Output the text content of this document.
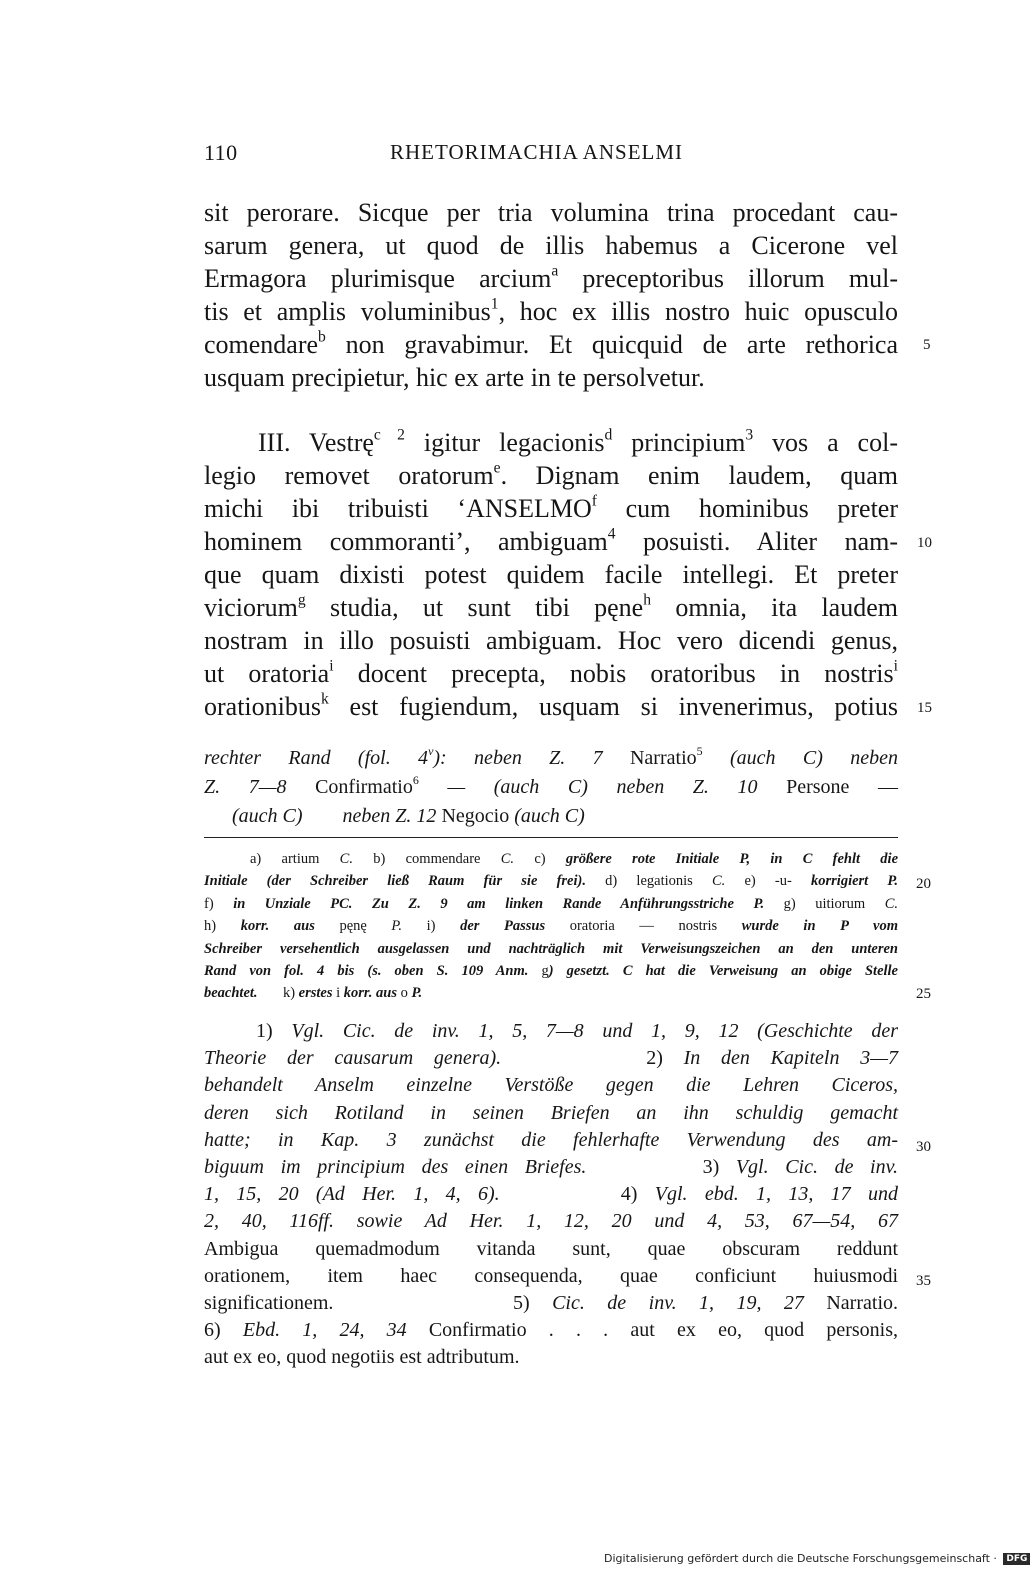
110	RHETORIMACHIA ANSELMI
sit perorare. Sicque per tria volumina trina procedant cau-
sarum genera, ut quod de illis habemus a Cicerone vel
Ermagora plurimisque arcium$^a$ preceptoribus illorum mul-
tis et amplis voluminibus$^1$, hoc ex illis nostro huic opusculo
comendare$^b$ non gravabimur. Et quicquid de arte rethorica
usquam precipietur, hic ex arte in te persolvetur.
III. Vestrę$^{c 2}$ igitur legacionis$^d$ principium$^3$ vos a col-
legio removet oratorum$^e$. Dignam enim laudem, quam
michi ibi tribuisti ‘ANSELMO$^f$ cum hominibus preter
hominem commoranti’, ambiguam$^4$ posuisti. Aliter nam-
que quam dixisti potest quidem facile intellegi. Et preter
viciorum$^g$ studia, ut sunt tibi pęne$^h$ omnia, ita laudem
nostram in illo posuisti ambiguam. Hoc vero dicendi genus,
ut oratoria$^i$ docent precepta, nobis oratoribus in nostris$^i$
orationibus$^k$ est fugiendum, usquam si invenerimus, potius
5
10
15
20
25
30
35
rechter Rand (fol. 4$^v$): neben Z. 7 Narratio$^5$ (auch C) neben
Z. 7—8 Confirmatio$^6$ — (auch C) neben Z. 10 Persone —
(auch C) neben Z. 12 Negocio (auch C)
a) artium C. b) commendare C. c) größere rote Initiale P, in C fehlt die
Initiale (der Schreiber ließ Raum für sie frei). d) legationis C. e) -u- korrigiert P.
f) in Unziale PC. Zu Z. 9 am linken Rande Anführungsstriche P. g) uitiorum C.
h) korr. aus pęnę P. i) der Passus oratoria — nostris wurde in P vom
Schreiber versehentlich ausgelassen und nachträglich mit Verweisungszeichen an den unteren
Rand von fol. 4 bis (s. oben S. 109 Anm. g) gesetzt. C hat die Verweisung an obige Stelle
beachtet. k) erstes i korr. aus o P.
1) Vgl. Cic. de inv. 1, 5, 7—8 und 1, 9, 12 (Geschichte der
Theorie der causarum genera).	2) In den Kapiteln 3—7
behandelt Anselm einzelne Verstöße gegen die Lehren Ciceros,
deren sich Rotiland in seinen Briefen an ihn schuldig gemacht
hatte; in Kap. 3 zunächst die fehlerhafte Verwendung des am-
biguum im principium des einen Briefes.	3) Vgl. Cic. de inv.
1, 15, 20 (Ad Her. 1, 4, 6).	4) Vgl. ebd. 1, 13, 17 und
2, 40, 116ff. sowie Ad Her. 1, 12, 20 und 4, 53, 67—54, 67
Ambigua quemadmodum vitanda sunt, quae obscuram reddunt
orationem, item haec consequenda, quae conficiunt huiusmodi
significationem.	5) Cic. de inv. 1, 19, 27 Narratio.
6) Ebd. 1, 24, 34 Confirmatio . . . aut ex eo, quod personis,
aut ex eo, quod negotiis est adtributum.
Digitalisierung gefördert durch die Deutsche Forschungsgemeinschaft · DFG
